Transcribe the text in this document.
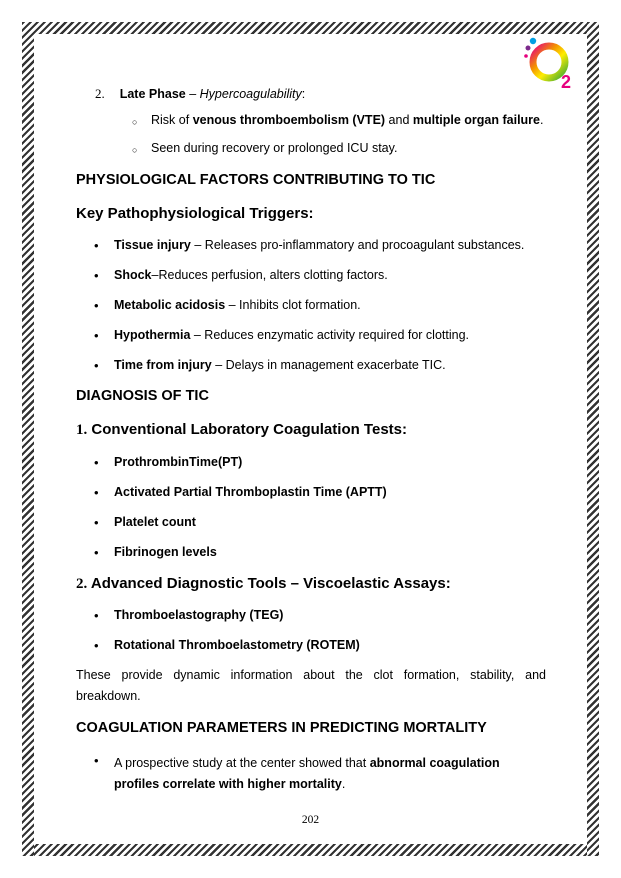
2
2. Late Phase – Hypercoagulability:
○ Risk of venous thromboembolism (VTE) and multiple organ failure.
○ Seen during recovery or prolonged ICU stay.
PHYSIOLOGICAL FACTORS CONTRIBUTING TO TIC
Key Pathophysiological Triggers:
• Tissue injury – Releases pro-inflammatory and procoagulant substances.
• Shock–Reduces perfusion, alters clotting factors.
• Metabolic acidosis – Inhibits clot formation.
• Hypothermia – Reduces enzymatic activity required for clotting.
• Time from injury – Delays in management exacerbate TIC.
DIAGNOSIS OF TIC
1. Conventional Laboratory Coagulation Tests:
• ProthrombinTime(PT)
• Activated Partial Thromboplastin Time (APTT)
• Platelet count
• Fibrinogen levels
2. Advanced Diagnostic Tools – Viscoelastic Assays:
• Thromboelastography (TEG)
• Rotational Thromboelastometry (ROTEM)
These provide dynamic information about the clot formation, stability, and breakdown.
COAGULATION PARAMETERS IN PREDICTING MORTALITY
• A prospective study at the center showed that abnormal coagulation
profiles correlate with higher mortality.
202
